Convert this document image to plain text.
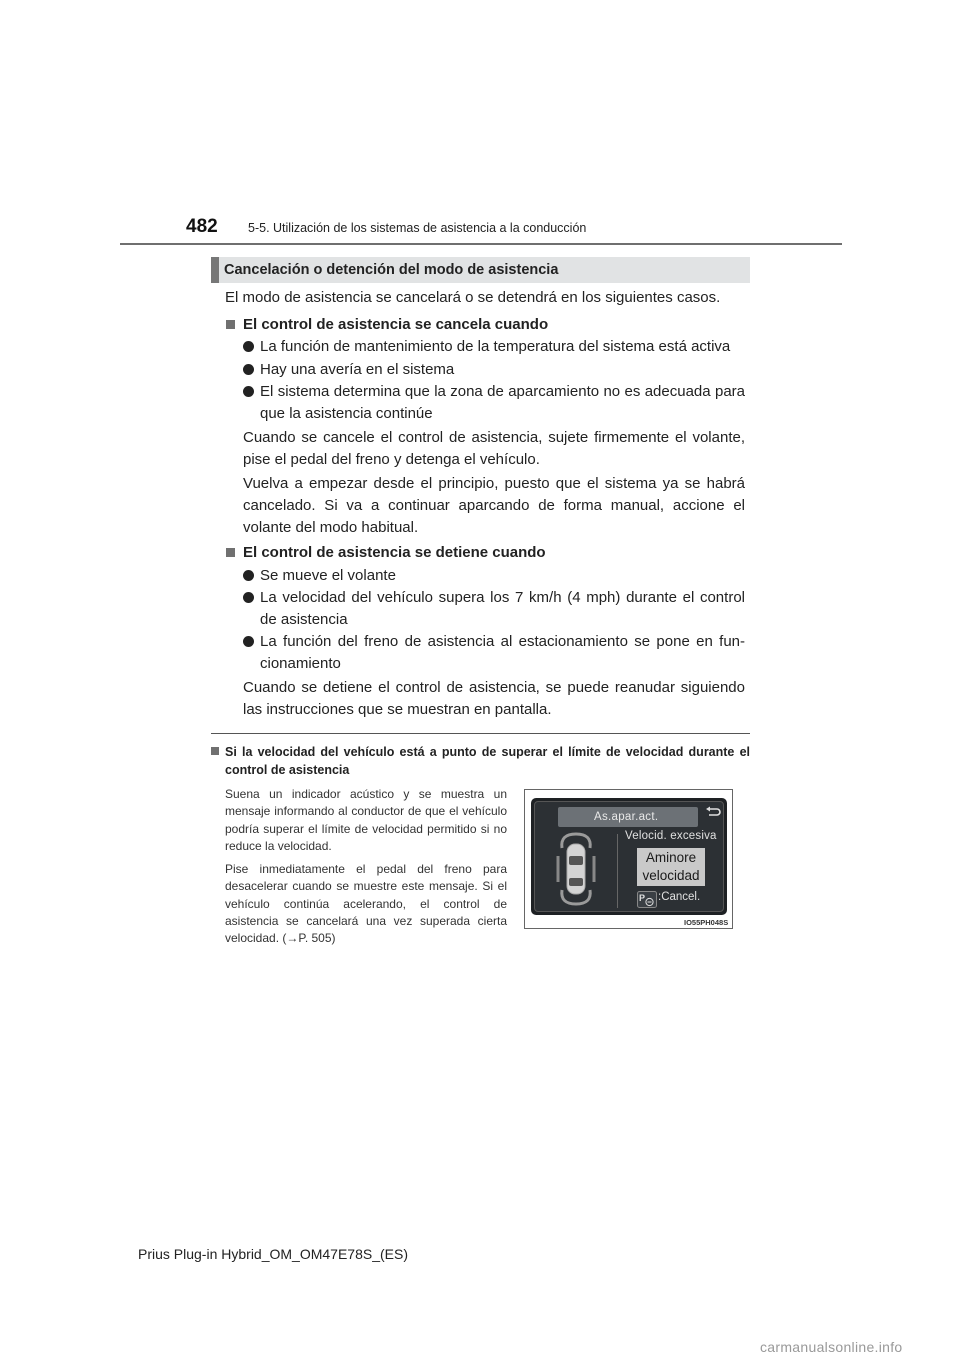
482 5-5. Utilización de los sistemas de asistencia a la conducción
Cancelación o detención del modo de asistencia
El modo de asistencia se cancelará o se detendrá en los siguientes casos.
El control de asistencia se cancela cuando
La función de mantenimiento de la temperatura del sistema está activa
Hay una avería en el sistema
El sistema determina que la zona de aparcamiento no es adecuada para que la asistencia continúe
Cuando se cancele el control de asistencia, sujete firmemente el volante, pise el pedal del freno y detenga el vehículo.
Vuelva a empezar desde el principio, puesto que el sistema ya se habrá cancelado. Si va a continuar aparcando de forma manual, accione el volante del modo habitual.
El control de asistencia se detiene cuando
Se mueve el volante
La velocidad del vehículo supera los 7 km/h (4 mph) durante el control de asistencia
La función del freno de asistencia al estacionamiento se pone en fun- cionamiento
Cuando se detiene el control de asistencia, se puede reanudar siguiendo las instrucciones que se muestran en pantalla.
Si la velocidad del vehículo está a punto de superar el límite de velocidad durante el control de asistencia
Suena un indicador acústico y se muestra un mensaje informando al conductor de que el vehículo podría superar el límite de velocidad permitido si no reduce la velocidad.
Pise inmediatamente el pedal del freno para desacelerar cuando se muestre este mensaje. Si el vehículo continúa acelerando, el control de asistencia se cancelará una vez superada cierta velocidad. (→P. 505)
As.apar.act.
Velocid. excesiva
Aminore
velocidad
P :Cancel.
IO55PH048S
Prius Plug-in Hybrid_OM_OM47E78S_(ES)
carmanualsonline.info
